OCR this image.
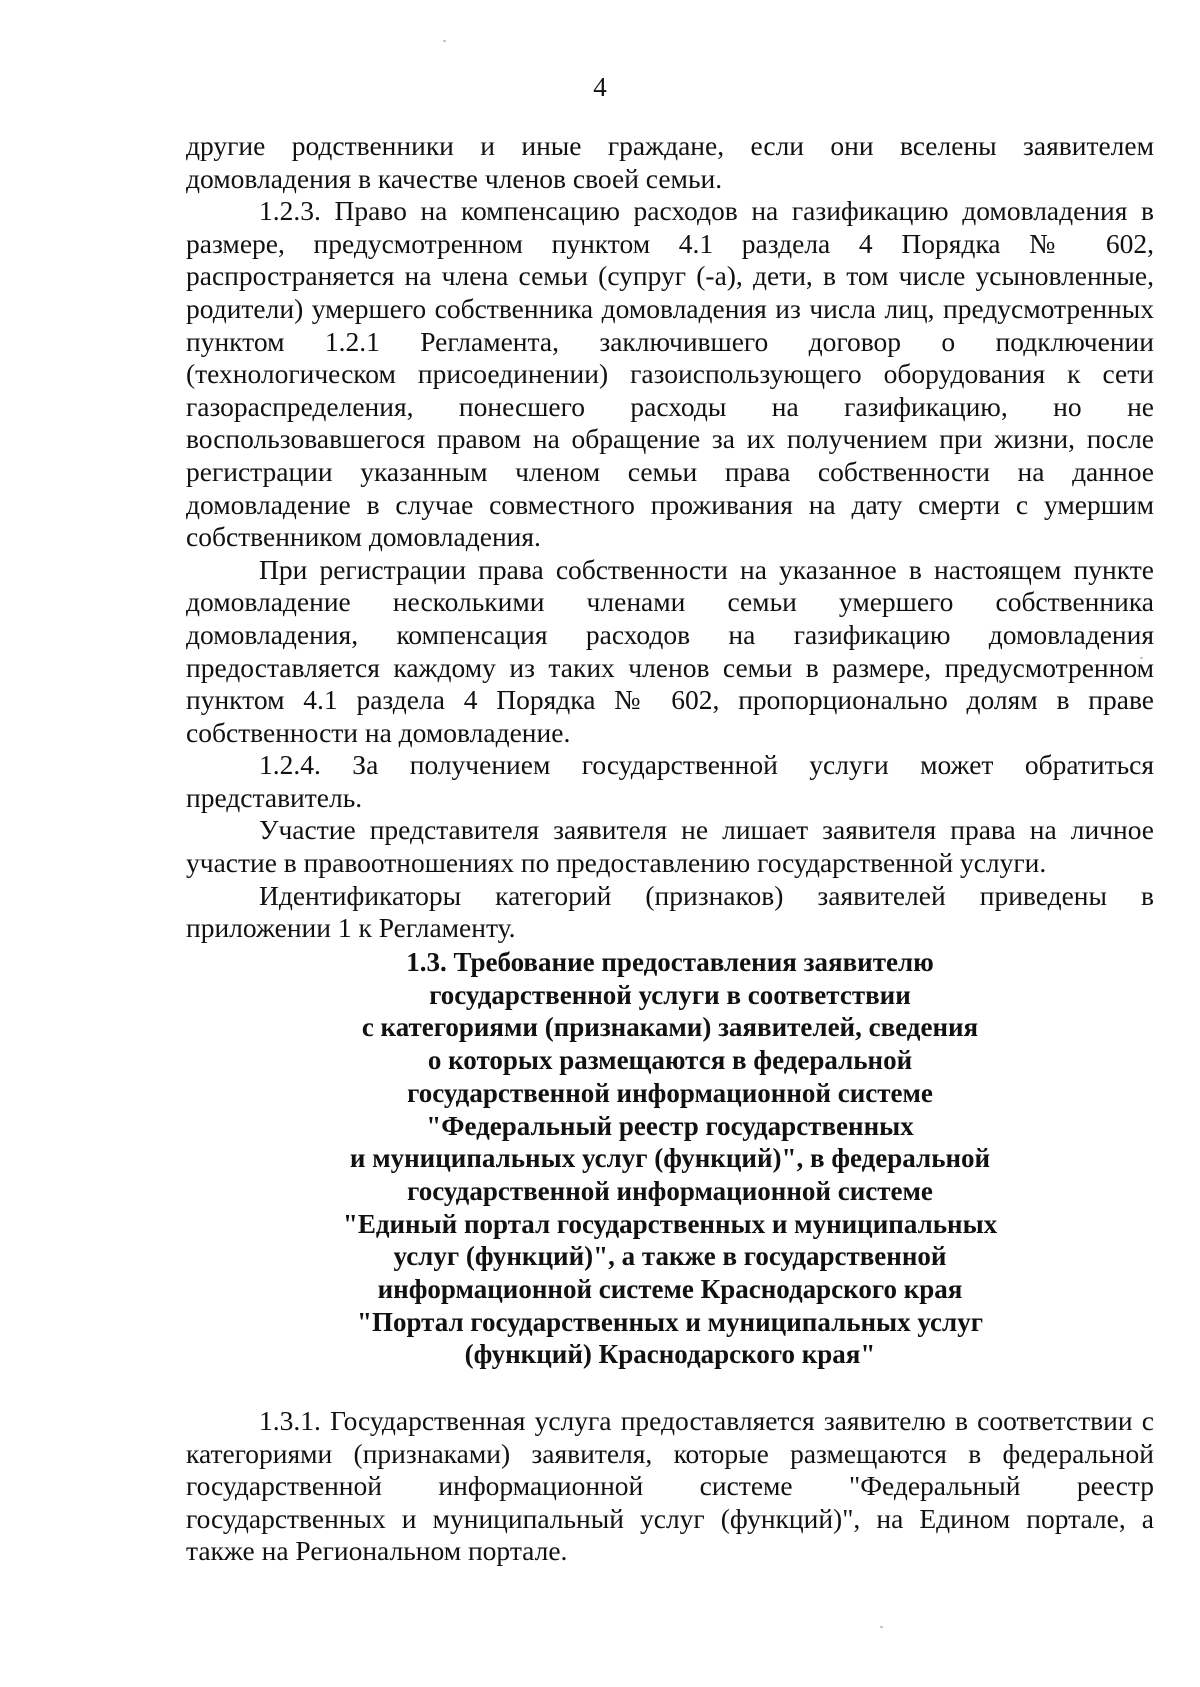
4

другие родственники и иные граждане, если они вселены заявителем домовладения в качестве членов своей семьи.

1.2.3. Право на компенсацию расходов на газификацию домовладения в размере, предусмотренном пунктом 4.1 раздела 4 Порядка № 602, распространяется на члена семьи (супруг (-а), дети, в том числе усыновленные, родители) умершего собственника домовладения из числа лиц, предусмотренных пунктом 1.2.1 Регламента, заключившего договор о подключении (технологическом присоединении) газоиспользующего оборудования к сети газораспределения, понесшего расходы на газификацию, но не воспользовавшегося правом на обращение за их получением при жизни, после регистрации указанным членом семьи права собственности на данное домовладение в случае совместного проживания на дату смерти с умершим собственником домовладения.

При регистрации права собственности на указанное в настоящем пункте домовладение несколькими членами семьи умершего собственника домовладения, компенсация расходов на газификацию домовладения предоставляется каждому из таких членов семьи в размере, предусмотренном пунктом 4.1 раздела 4 Порядка № 602, пропорционально долям в праве собственности на домовладение.

1.2.4. За получением государственной услуги может обратиться представитель.

Участие представителя заявителя не лишает заявителя права на личное участие в правоотношениях по предоставлению государственной услуги.

Идентификаторы категорий (признаков) заявителей приведены в приложении 1 к Регламенту.

1.3. Требование предоставления заявителю
государственной услуги в соответствии
с категориями (признаками) заявителей, сведения
о которых размещаются в федеральной
государственной информационной системе
"Федеральный реестр государственных
и муниципальных услуг (функций)", в федеральной
государственной информационной системе
"Единый портал государственных и муниципальных
услуг (функций)", а также в государственной
информационной системе Краснодарского края
"Портал государственных и муниципальных услуг
(функций) Краснодарского края"

1.3.1. Государственная услуга предоставляется заявителю в соответствии с категориями (признаками) заявителя, которые размещаются в федеральной государственной информационной системе "Федеральный реестр государственных и муниципальный услуг (функций)", на Едином портале, а также на Региональном портале.
